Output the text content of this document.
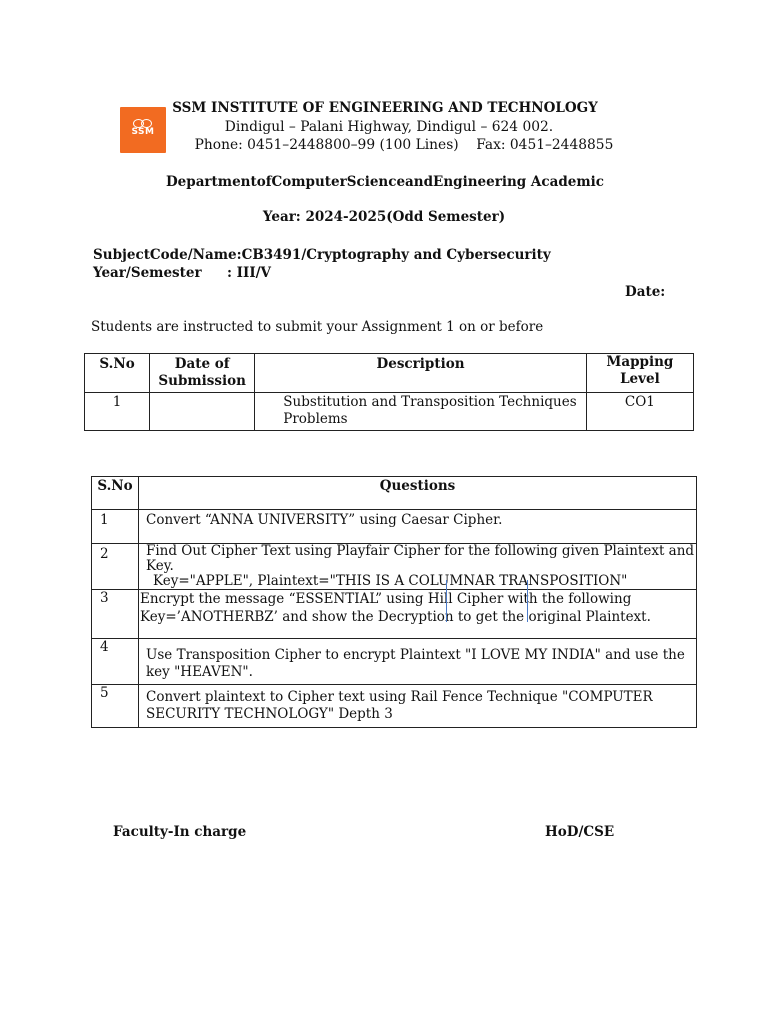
SSM

SSM INSTITUTE OF ENGINEERING AND TECHNOLOGY
Dindigul – Palani Highway, Dindigul – 624 002.
Phone: 0451–2448800–99 (100 Lines)    Fax: 0451–2448855
DepartmentofComputerScienceandEngineering Academic
Year: 2024-2025(Odd Semester)
SubjectCode/Name:CB3491/Cryptography and Cybersecurity
Year/Semester : III/V
Date:
Students are instructed to submit your Assignment 1 on or before
S.No	Date of Submission	Description	Mapping Level
1		Substitution and Transposition Techniques Problems	CO1
S.No	Questions
1	Convert “ANNA UNIVERSITY” using Caesar Cipher.
2	Find Out Cipher Text using Playfair Cipher for the following given Plaintext and Key.
Key="APPLE", Plaintext="THIS IS A COLUMNAR TRANSPOSITION"

3	Encrypt the message “ESSENTIAL” using Hill Cipher with the following
Key=’ANOTHERBZ’ and show the Decryption to get the original Plaintext.

4	Use Transposition Cipher to encrypt Plaintext "I LOVE MY INDIA" and use the key "HEAVEN".
5	Convert plaintext to Cipher text using Rail Fence Technique "COMPUTER SECURITY TECHNOLOGY" Depth 3
Faculty-In charge	HoD/CSE
